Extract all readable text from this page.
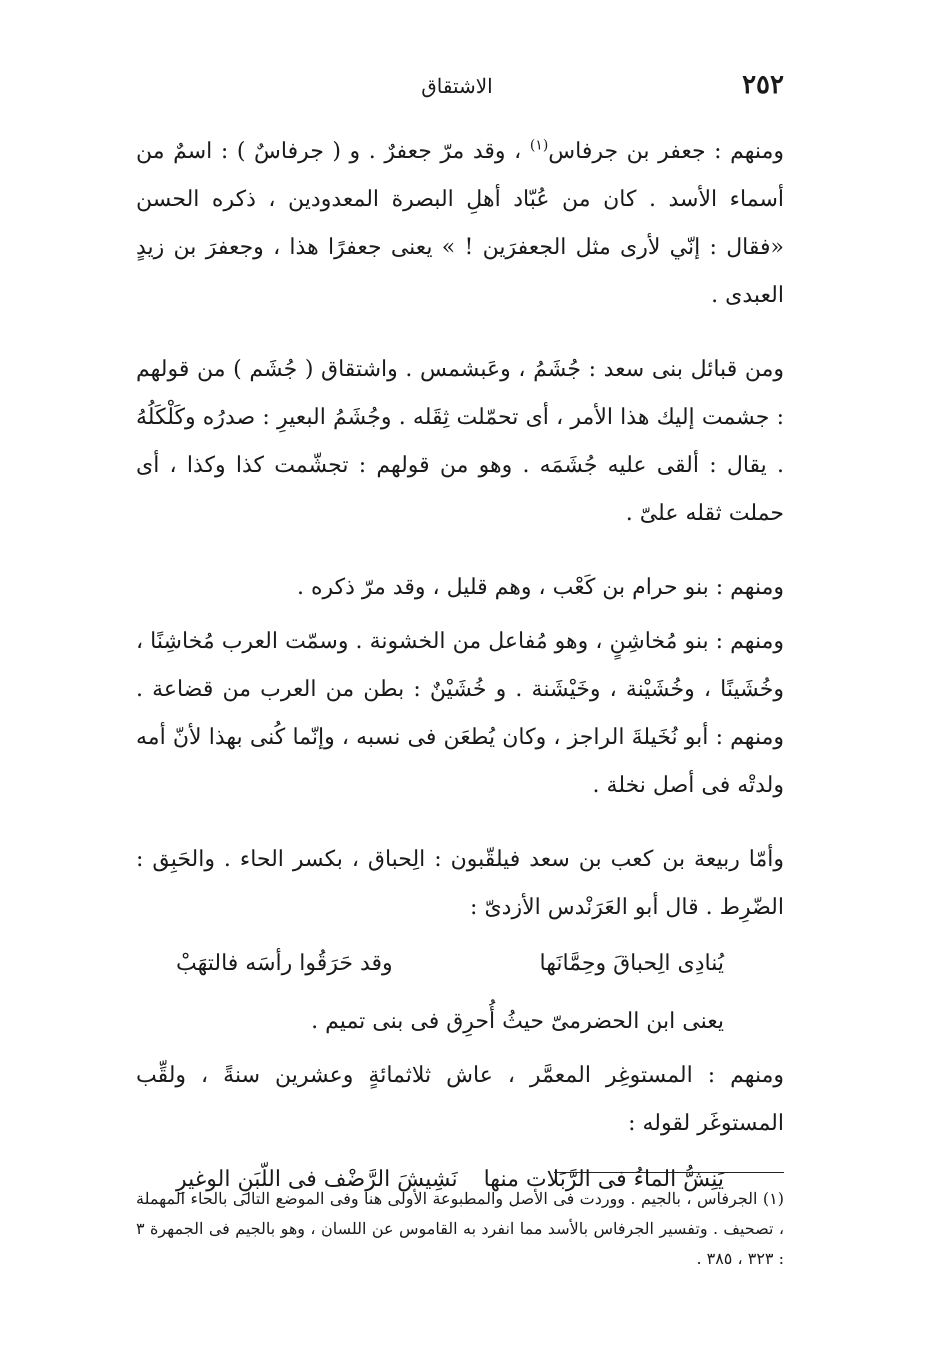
٢٥٢
الاشتقاق

ومنهم : جعفر بن جرفاس$^{(١)}$ ، وقد مرّ جعفرٌ . و ( جرفاسٌ ) : اسمٌ من أسماء الأسد . كان من عُبّاد أهلِ البصرة المعدودين ، ذكره الحسن «فقال : إنّي لأرى مثل الجعفرَين ! » يعنى جعفرًا هذا ، وجعفرَ بن زيدٍ العبدى .

ومن قبائل بنى سعد : جُشَمُ ، وعَبشمس . واشتقاق ( جُشَم ) من قولهم : جشمت إليك هذا الأمر ، أى تحمّلت ثِقَله . وجُشَمُ البعيرِ : صدرُه وكَلْكَلُهُ . يقال : ألقى عليه جُشَمَه . وهو من قولهم : تجشّمت كذا وكذا ، أى حملت ثقله علىّ .

ومنهم : بنو حرام بن كَعْب ، وهم قليل ، وقد مرّ ذكره .

ومنهم : بنو مُخاشِنٍ ، وهو مُفاعل من الخشونة . وسمّت العرب مُخاشِنًا ، وخُشَينًا ، وخُشَيْنة ، وخَيْشَنة . و خُشَيْنٌ : بطن من العرب من قضاعة . ومنهم : أبو نُخَيلةَ الراجز ، وكان يُطعَن فى نسبه ، وإنّما كُنى بهذا لأنّ أمه ولدتْه فى أصل نخلة .

وأمّا ربيعة بن كعب بن سعد فيلقّبون : الِحباق ، بكسر الحاء . والحَبِق : الضّرِط . قال أبو العَرَنْدس الأزدىّ :

يُنادِى الِحباقَ وحِمَّانَها
وقد حَرَقُوا رأسَه فالتهَبْ
يعنى ابن الحضرمىّ حيثُ أُحرِق فى بنى تميم .

ومنهم : المستوغِر المعمَّر ، عاش ثلاثمائةٍ وعشرين سنةً ، ولقِّب المستوغَر لقوله :

يَنِشُّ الماءُ فى الرَّبَلات منها
نَشِيشَ الرَّضْف فى اللّبَنِ الوغيرِ
(١) الجرفاس ، بالجيم . ووردت فى الأصل والمطبوعة الأولى هنا وفى الموضع التالى بالحاء المهملة ، تصحيف . وتفسير الجرفاس بالأسد مما انفرد به القاموس عن اللسان ، وهو بالجيم فى الجمهرة ٣ : ٣٢٣ ، ٣٨٥ .
